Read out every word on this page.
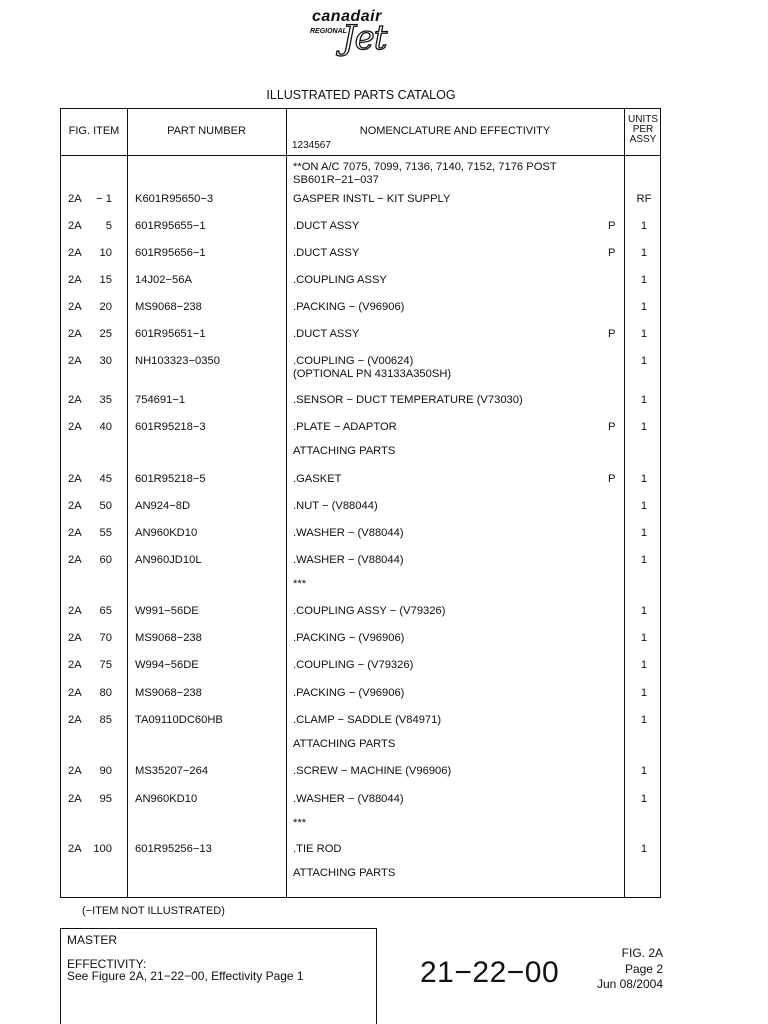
canadair
REGIONAL
Jet
ILLUSTRATED PARTS CATALOG
FIG. ITEM	PART NUMBER	NOMENCLATURE AND EFFECTIVITY
1234567
UNITS
PER
ASSY
**ON A/C 7075, 7099, 7136, 7140, 7152, 7176 POST
SB601R−21−037
2A	− 1 K601R95650−3	GASPER INSTL − KIT SUPPLY	RF
2A	5 601R95655−1	.DUCT ASSY	P	1
2A	10 601R95656−1	.DUCT ASSY	P	1
2A	15 14J02−56A	.COUPLING ASSY	1
2A	20 MS9068−238	.PACKING − (V96906)	1
2A	25 601R95651−1	.DUCT ASSY	P	1
2A	30 NH103323−0350	.COUPLING − (V00624)	1
(OPTIONAL PN 43133A350SH)
2A	35 754691−1	.SENSOR − DUCT TEMPERATURE (V73030)	1
2A	40 601R95218−3	.PLATE − ADAPTOR	P	1
ATTACHING PARTS
2A	45 601R95218−5	.GASKET	P	1
2A	50 AN924−8D	.NUT − (V88044)	1
2A	55 AN960KD10	.WASHER − (V88044)	1
2A	60 AN960JD10L	.WASHER − (V88044)	1
***
2A	65 W991−56DE	.COUPLING ASSY − (V79326)	1
2A	70 MS9068−238	.PACKING − (V96906)	1
2A	75 W994−56DE	.COUPLING − (V79326)	1
2A	80 MS9068−238	.PACKING − (V96906)	1
2A	85 TA09110DC60HB	.CLAMP − SADDLE (V84971)	1
ATTACHING PARTS
2A	90 MS35207−264	.SCREW − MACHINE (V96906)	1
2A	95 AN960KD10	.WASHER − (V88044)	1
***
2A	100 601R95256−13	.TIE ROD	1
ATTACHING PARTS
(−ITEM NOT ILLUSTRATED)
MASTER
EFFECTIVITY:
See Figure 2A, 21−22−00, Effectivity Page 1	21−22−00
FIG. 2A
Page 2
Jun 08/2004
